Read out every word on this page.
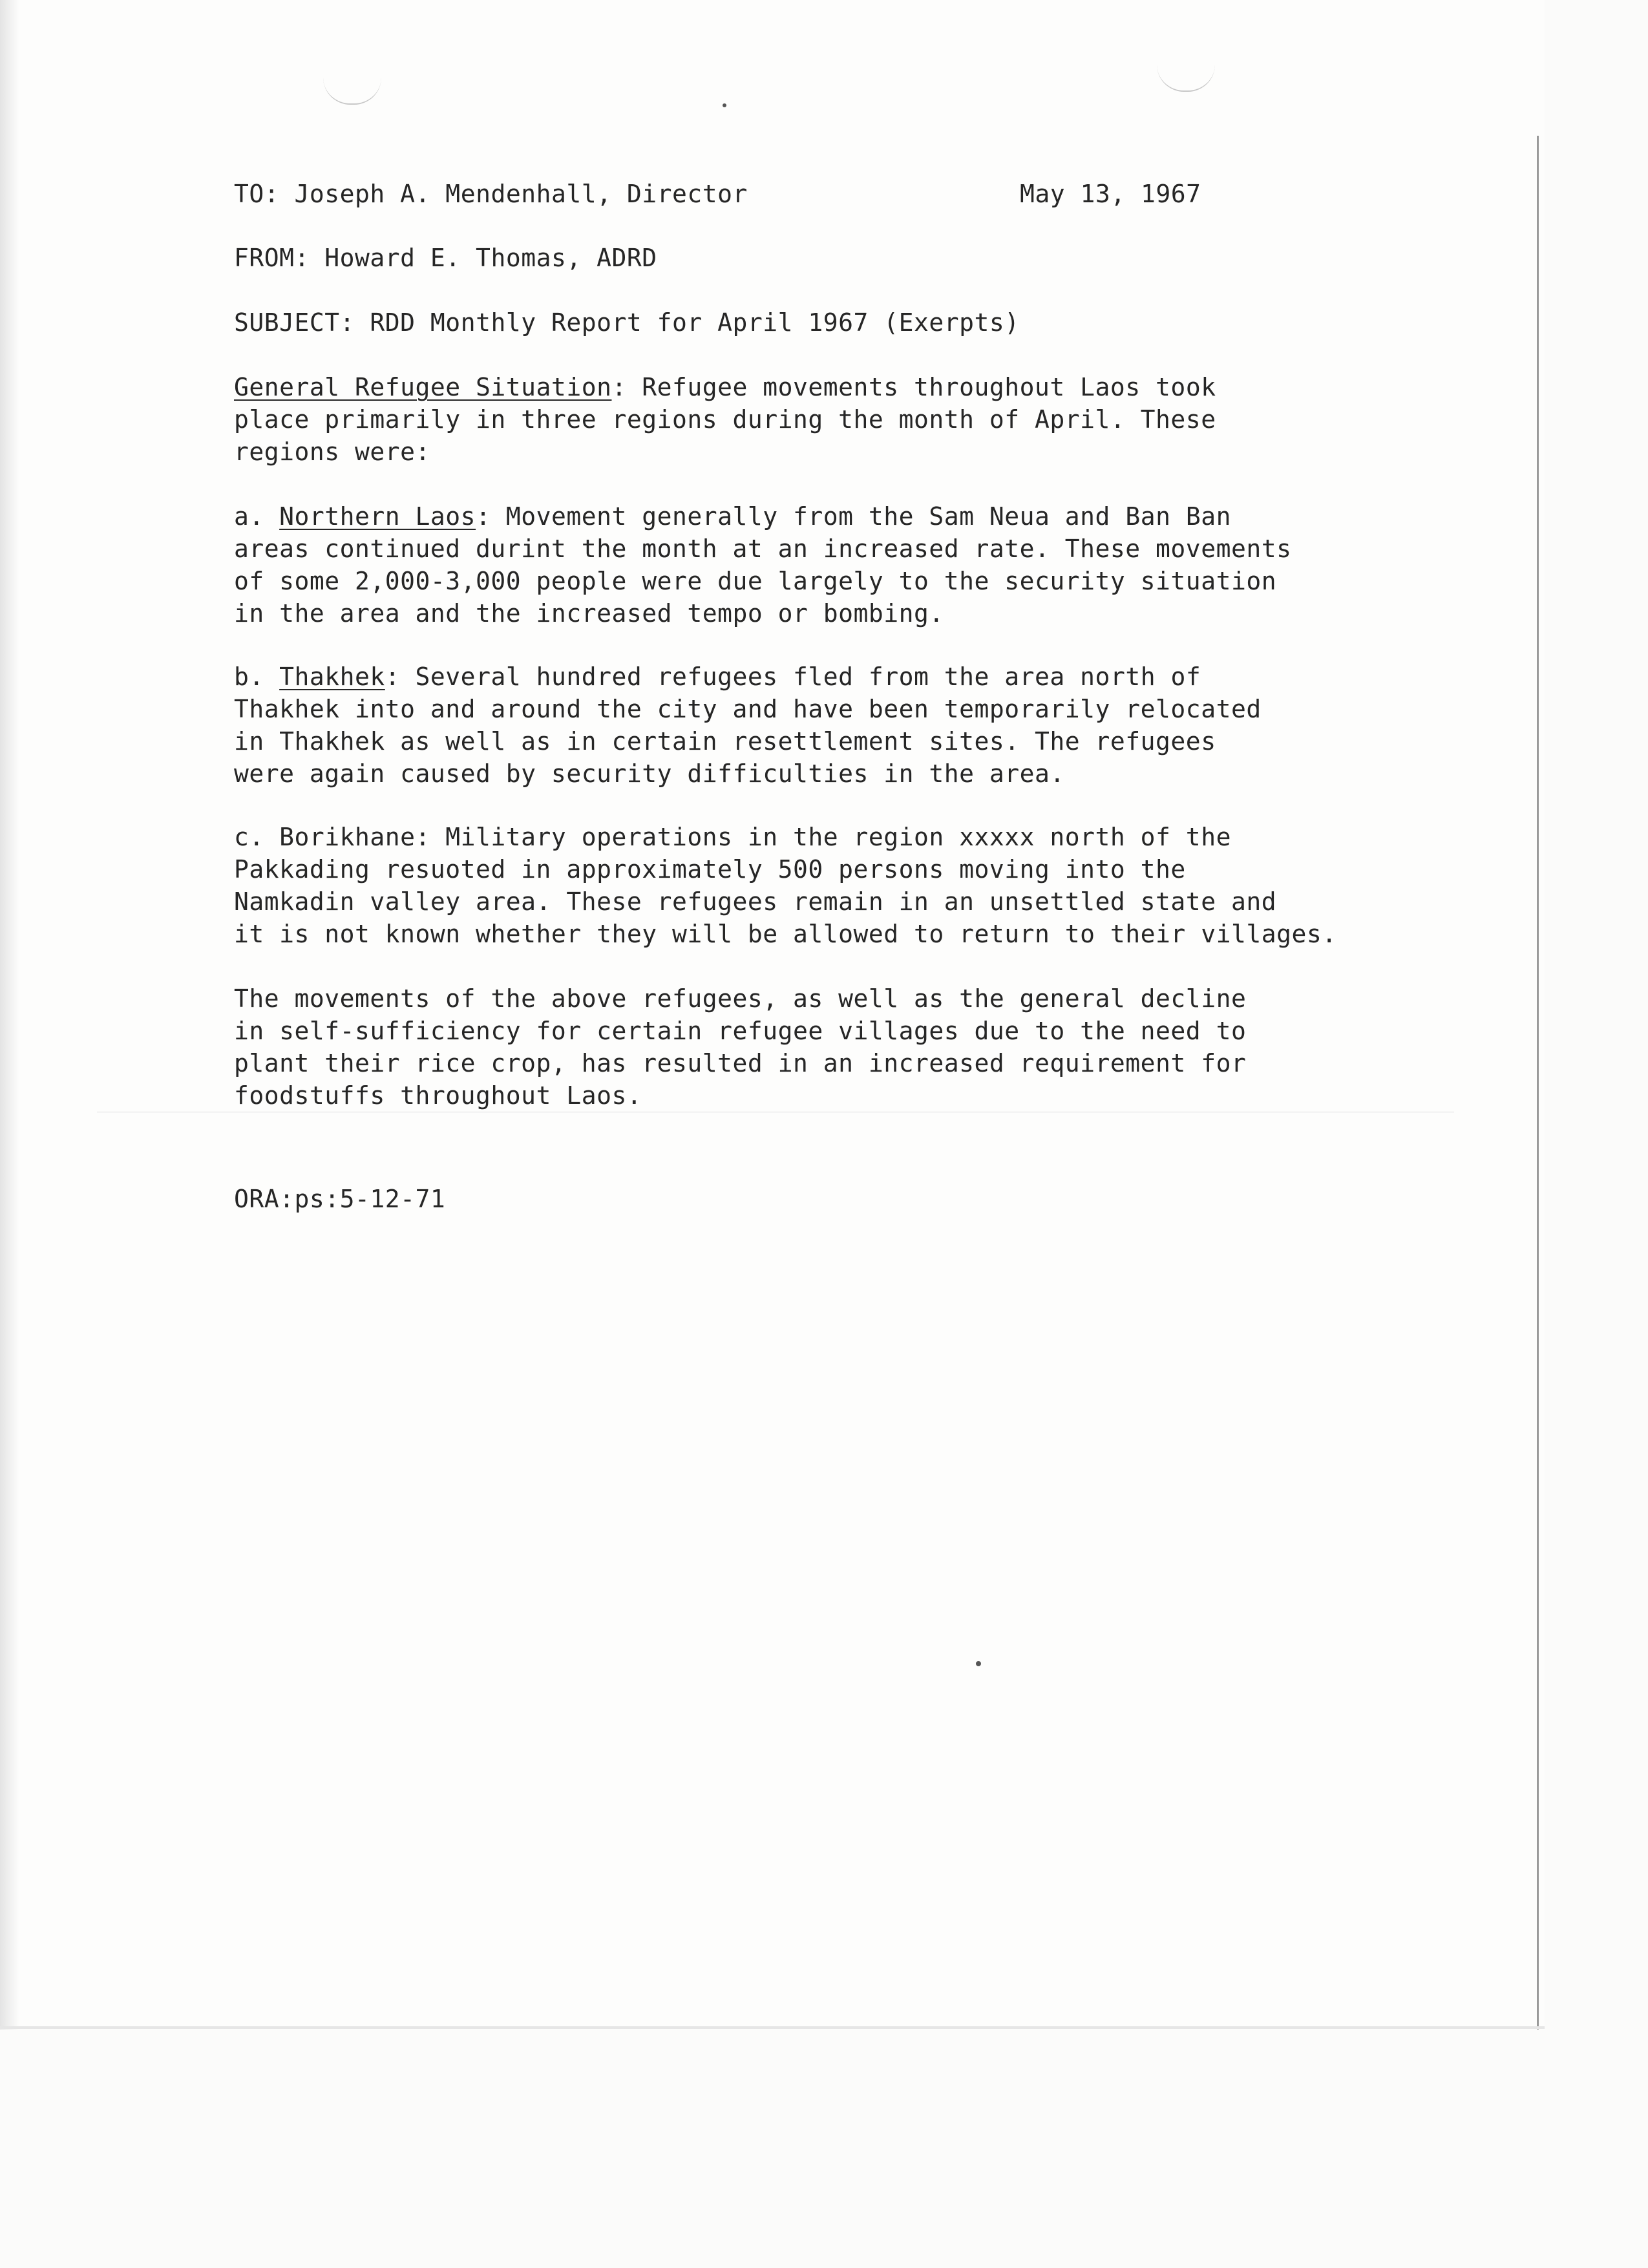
TO: Joseph A. Mendenhall, Director	May 13, 1967
FROM: Howard E. Thomas, ADRD
SUBJECT: RDD Monthly Report for April 1967 (Exerpts)
General Refugee Situation: Refugee movements throughout Laos took
place primarily in three regions during the month of April. These
regions were:
a. Northern Laos: Movement generally from the Sam Neua and Ban Ban
areas continued durint the month at an increased rate. These movements
of some 2,000-3,000 people were due largely to the security situation
in the area and the increased tempo or bombing.
b. Thakhek: Several hundred refugees fled from the area north of
Thakhek into and around the city and have been temporarily relocated
in Thakhek as well as in certain resettlement sites. The refugees
were again caused by security difficulties in the area.
c. Borikhane: Military operations in the region xxxxx north of the
Pakkading resuoted in approximately 500 persons moving into the
Namkadin valley area. These refugees remain in an unsettled state and
it is not known whether they will be allowed to return to their villages.
The movements of the above refugees, as well as the general decline
in self-sufficiency for certain refugee villages due to the need to
plant their rice crop, has resulted in an increased requirement for
foodstuffs throughout Laos.
ORA:ps:5-12-71
